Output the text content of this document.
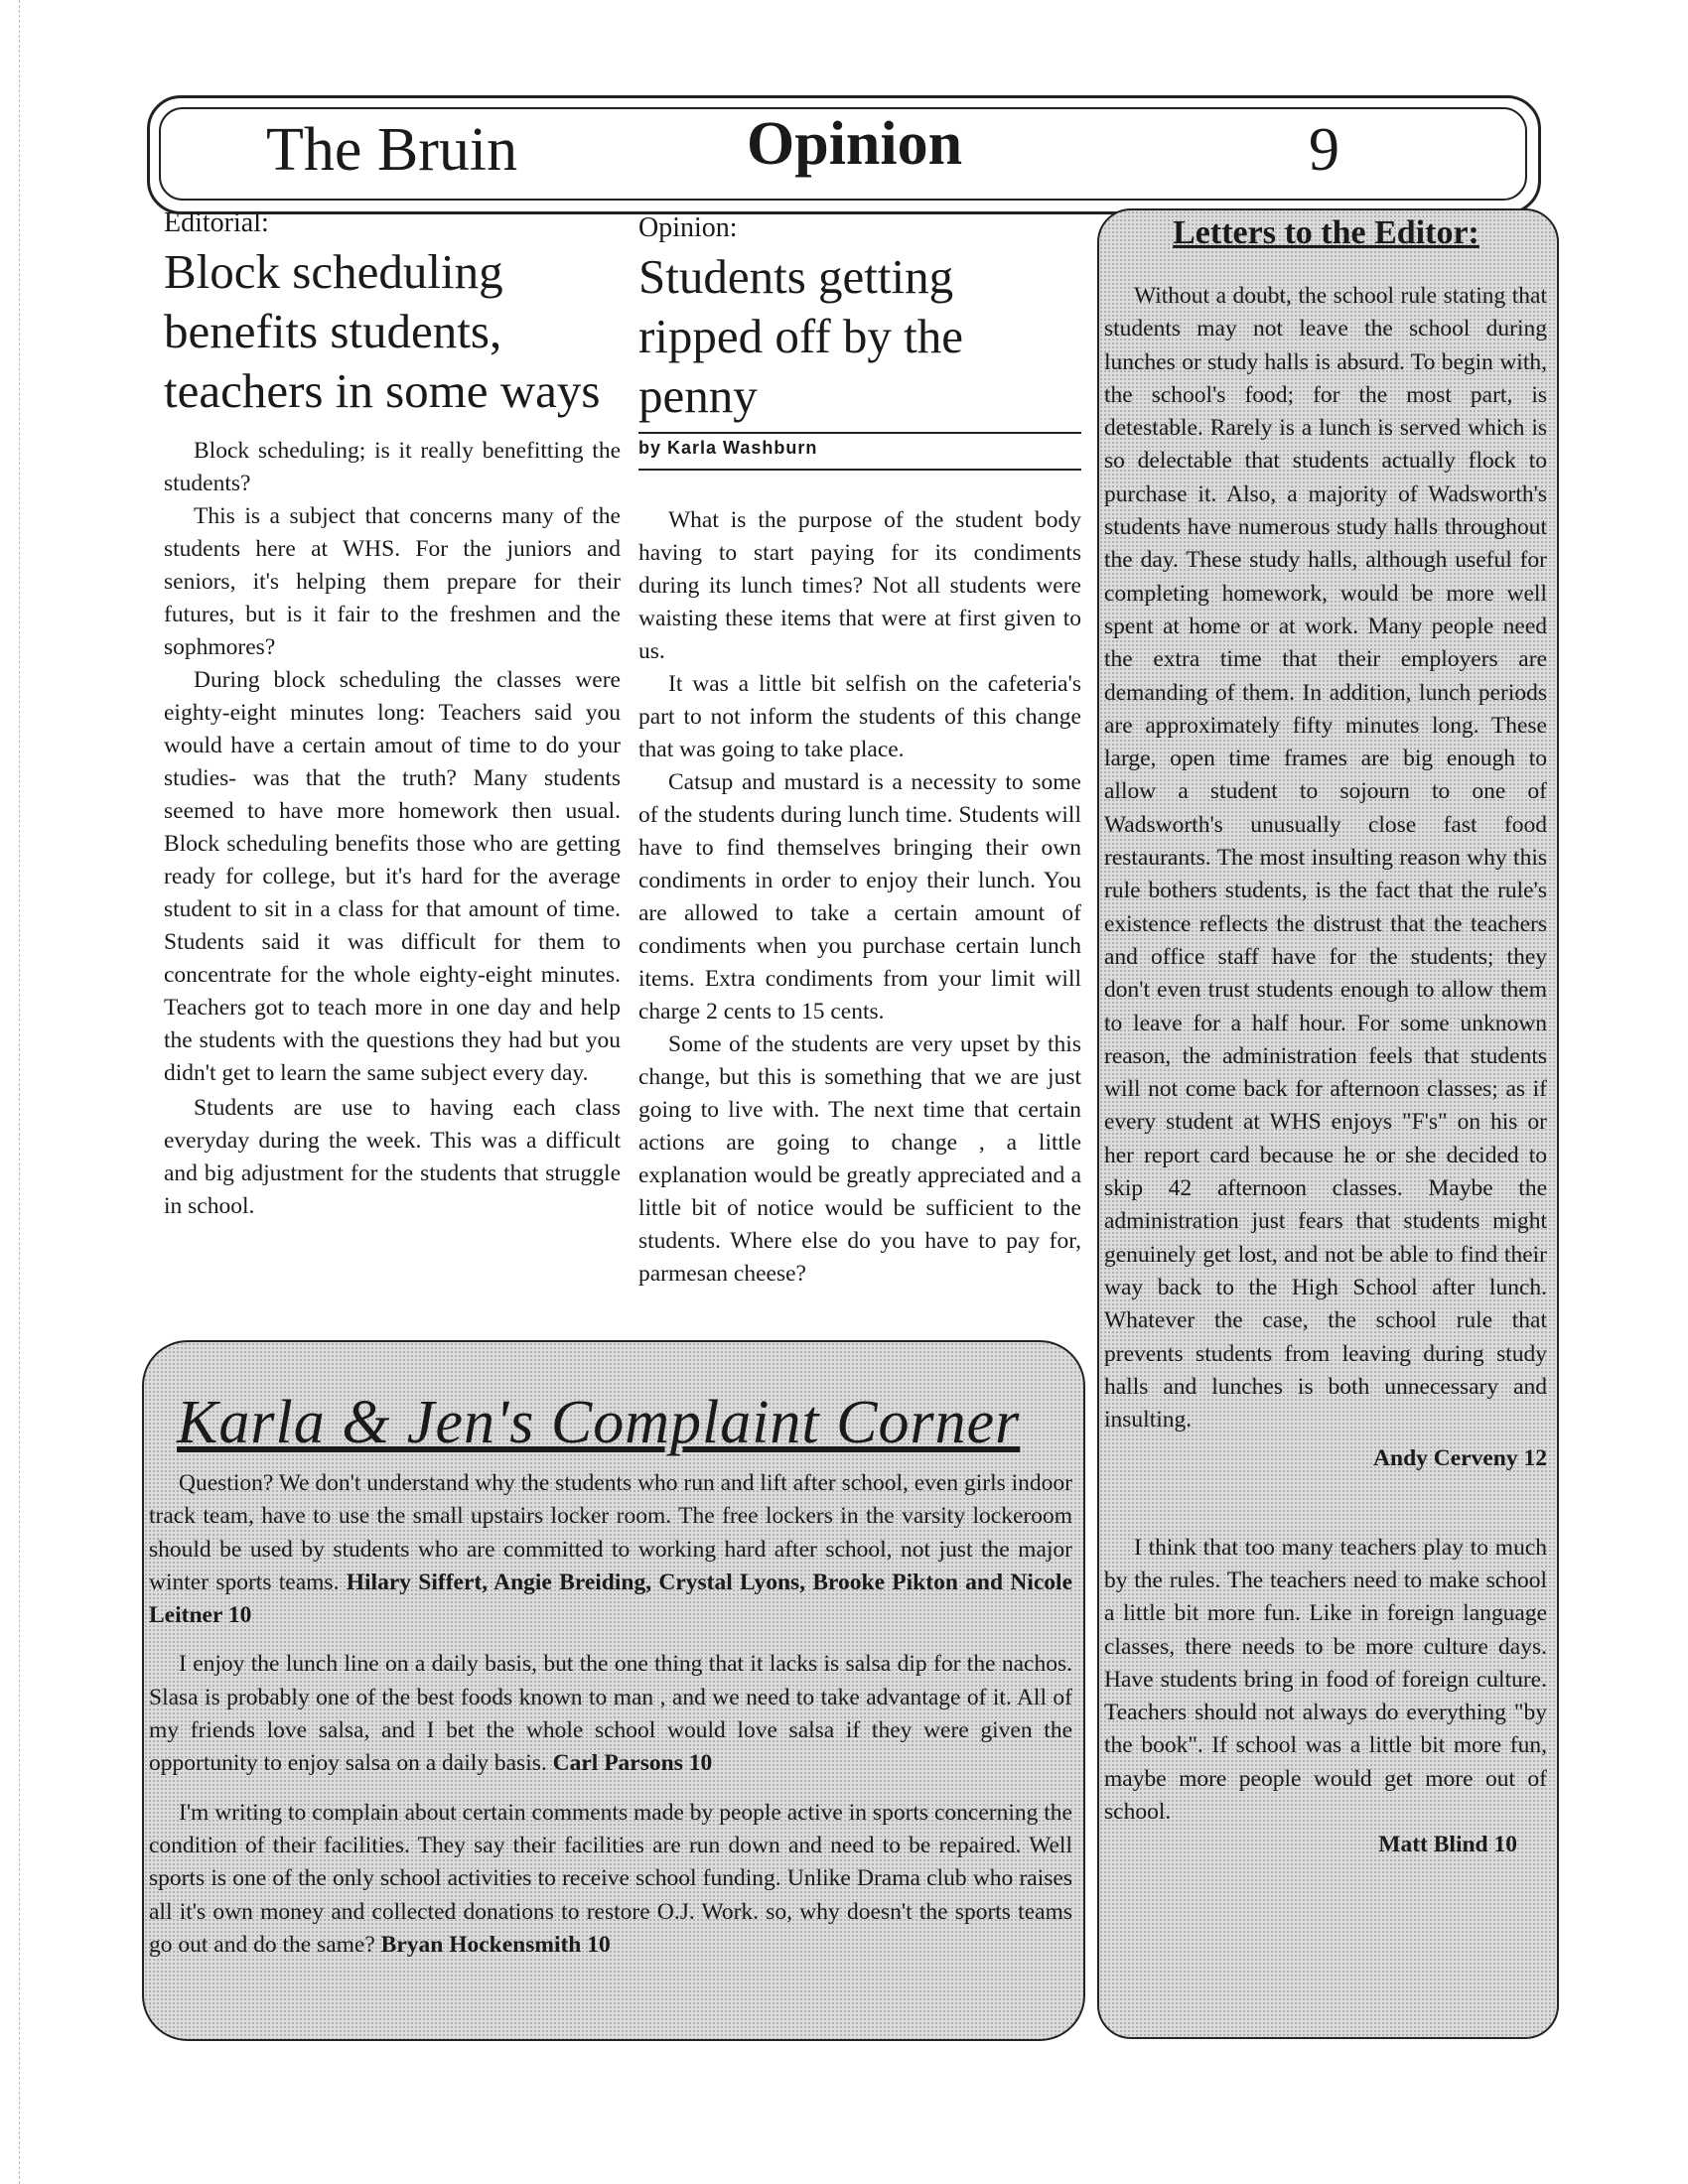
The Bruin	Opinion	9
Editorial:
Block scheduling
benefits students,
teachers in some ways

Block scheduling; is it really benefitting the students?

This is a subject that concerns many of the students here at WHS. For the juniors and seniors, it's helping them prepare for their futures, but is it fair to the freshmen and the sophmores?

During block scheduling the classes were eighty-eight minutes long: Teachers said you would have a certain amout of time to do your studies- was that the truth? Many students seemed to have more homework then usual. Block scheduling benefits those who are getting ready for college, but it's hard for the average student to sit in a class for that amount of time. Students said it was difficult for them to concentrate for the whole eighty-eight minutes. Teachers got to teach more in one day and help the students with the questions they had but you didn't get to learn the same subject every day.

Students are use to having each class everyday during the week. This was a difficult and big adjustment for the students that struggle in school.

Opinion:
Students getting
ripped off by the
penny
by Karla Washburn

What is the purpose of the student body having to start paying for its condiments during its lunch times? Not all students were waisting these items that were at first given to us.

It was a little bit selfish on the cafeteria's part to not inform the students of this change that was going to take place.

Catsup and mustard is a necessity to some of the students during lunch time. Students will have to find themselves bringing their own condiments in order to enjoy their lunch. You are allowed to take a certain amount of condiments when you purchase certain lunch items. Extra condiments from your limit will charge 2 cents to 15 cents.

Some of the students are very upset by this change, but this is something that we are just going to live with. The next time that certain actions are going to change , a little explanation would be greatly appreciated and a little bit of notice would be sufficient to the students. Where else do you have to pay for, parmesan cheese?

Letters to the Editor:

Without a doubt, the school rule stating that students may not leave the school during lunches or study halls is absurd. To begin with, the school's food; for the most part, is detestable. Rarely is a lunch is served which is so delectable that students actually flock to purchase it. Also, a majority of Wadsworth's students have numerous study halls throughout the day. These study halls, although useful for completing homework, would be more well spent at home or at work. Many people need the extra time that their employers are demanding of them. In addition, lunch periods are approximately fifty minutes long. These large, open time frames are big enough to allow a student to sojourn to one of Wadsworth's unusually close fast food restaurants. The most insulting reason why this rule bothers students, is the fact that the rule's existence reflects the distrust that the teachers and office staff have for the students; they don't even trust students enough to allow them to leave for a half hour. For some unknown reason, the administration feels that students will not come back for afternoon classes; as if every student at WHS enjoys "F's" on his or her report card because he or she decided to skip 42 afternoon classes. Maybe the administration just fears that students might genuinely get lost, and not be able to find their way back to the High School after lunch. Whatever the case, the school rule that prevents students from leaving during study halls and lunches is both unnecessary and insulting.

Andy Cerveny 12

I think that too many teachers play to much by the rules. The teachers need to make school a little bit more fun. Like in foreign language classes, there needs to be more culture days. Have students bring in food of foreign culture. Teachers should not always do everything "by the book". If school was a little bit more fun, maybe more people would get more out of school.

Matt Blind 10
Karla & Jen's Complaint Corner

Question? We don't understand why the students who run and lift after school, even girls indoor track team, have to use the small upstairs locker room. The free lockers in the varsity lockeroom should be used by students who are committed to working hard after school, not just the major winter sports teams. Hilary Siffert, Angie Breiding, Crystal Lyons, Brooke Pikton and Nicole Leitner 10

I enjoy the lunch line on a daily basis, but the one thing that it lacks is salsa dip for the nachos. Slasa is probably one of the best foods known to man , and we need to take advantage of it. All of my friends love salsa, and I bet the whole school would love salsa if they were given the opportunity to enjoy salsa on a daily basis. Carl Parsons 10

I'm writing to complain about certain comments made by people active in sports concerning the condition of their facilities. They say their facilities are run down and need to be repaired. Well sports is one of the only school activities to receive school funding. Unlike Drama club who raises all it's own money and collected donations to restore O.J. Work. so, why doesn't the sports teams go out and do the same? Bryan Hockensmith 10
